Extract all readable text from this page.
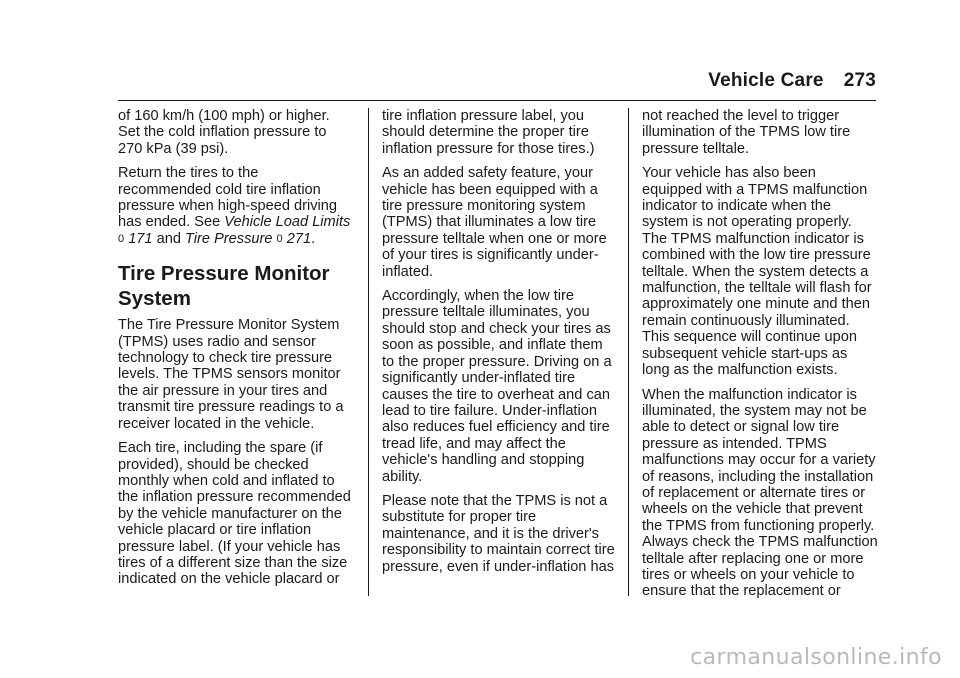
Vehicle Care 273

of 160 km/h (100 mph) or higher. Set the cold inflation pressure to 270 kPa (39 psi).

Return the tires to the recommended cold tire inflation pressure when high-speed driving has ended. See Vehicle Load Limits
0 171 and Tire Pressure 0 271.

Tire Pressure Monitor
System

The Tire Pressure Monitor System (TPMS) uses radio and sensor technology to check tire pressure levels. The TPMS sensors monitor the air pressure in your tires and transmit tire pressure readings to a receiver located in the vehicle.

Each tire, including the spare (if provided), should be checked monthly when cold and inflated to the inflation pressure recommended by the vehicle manufacturer on the vehicle placard or tire inflation pressure label. (If your vehicle has tires of a different size than the size indicated on the vehicle placard or

tire inflation pressure label, you should determine the proper tire inflation pressure for those tires.)

As an added safety feature, your vehicle has been equipped with a tire pressure monitoring system (TPMS) that illuminates a low tire pressure telltale when one or more of your tires is significantly under-inflated.

Accordingly, when the low tire pressure telltale illuminates, you should stop and check your tires as soon as possible, and inflate them to the proper pressure. Driving on a significantly under-inflated tire causes the tire to overheat and can lead to tire failure. Under-inflation also reduces fuel efficiency and tire tread life, and may affect the vehicle's handling and stopping ability.

Please note that the TPMS is not a substitute for proper tire maintenance, and it is the driver's responsibility to maintain correct tire pressure, even if under-inflation has

not reached the level to trigger illumination of the TPMS low tire pressure telltale.

Your vehicle has also been equipped with a TPMS malfunction indicator to indicate when the system is not operating properly. The TPMS malfunction indicator is combined with the low tire pressure telltale. When the system detects a malfunction, the telltale will flash for approximately one minute and then remain continuously illuminated. This sequence will continue upon subsequent vehicle start-ups as long as the malfunction exists.

When the malfunction indicator is illuminated, the system may not be able to detect or signal low tire pressure as intended. TPMS malfunctions may occur for a variety of reasons, including the installation of replacement or alternate tires or wheels on the vehicle that prevent the TPMS from functioning properly. Always check the TPMS malfunction telltale after replacing one or more tires or wheels on your vehicle to ensure that the replacement or

carmanualsonline.info
